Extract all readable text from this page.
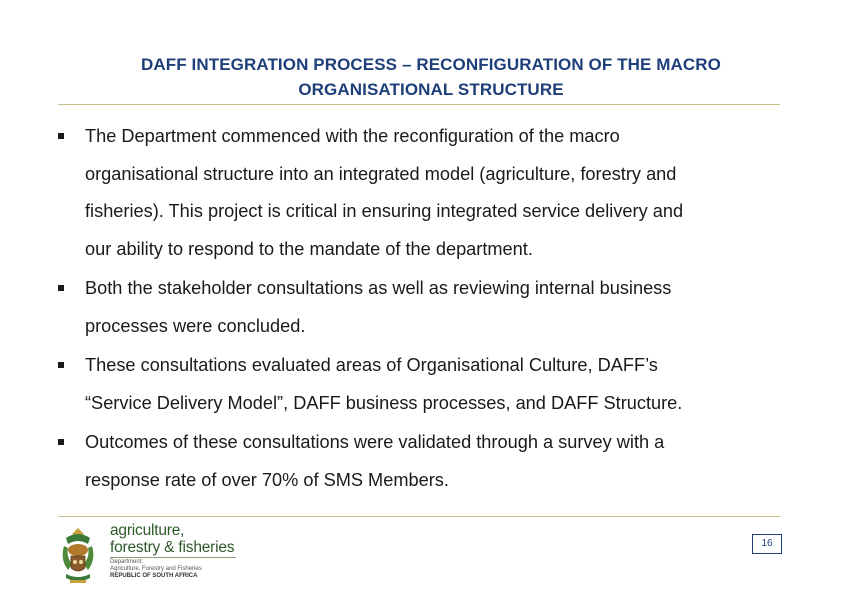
DAFF INTEGRATION PROCESS – RECONFIGURATION OF THE MACRO
ORGANISATIONAL STRUCTURE
The Department commenced with the reconfiguration of the macro
organisational structure into an integrated model (agriculture, forestry and
fisheries). This project is critical in ensuring integrated service delivery and
our ability to respond to the mandate of the department.
Both the stakeholder consultations as well as reviewing internal business
processes were concluded.
These consultations evaluated areas of Organisational Culture, DAFF’s
“Service Delivery Model”, DAFF business processes, and DAFF Structure.
Outcomes of these consultations were validated through a survey with a
response rate of over 70% of SMS Members.
agriculture,
forestry & fisheries
Department:
Agriculture, Forestry and Fisheries
REPUBLIC OF SOUTH AFRICA
16
